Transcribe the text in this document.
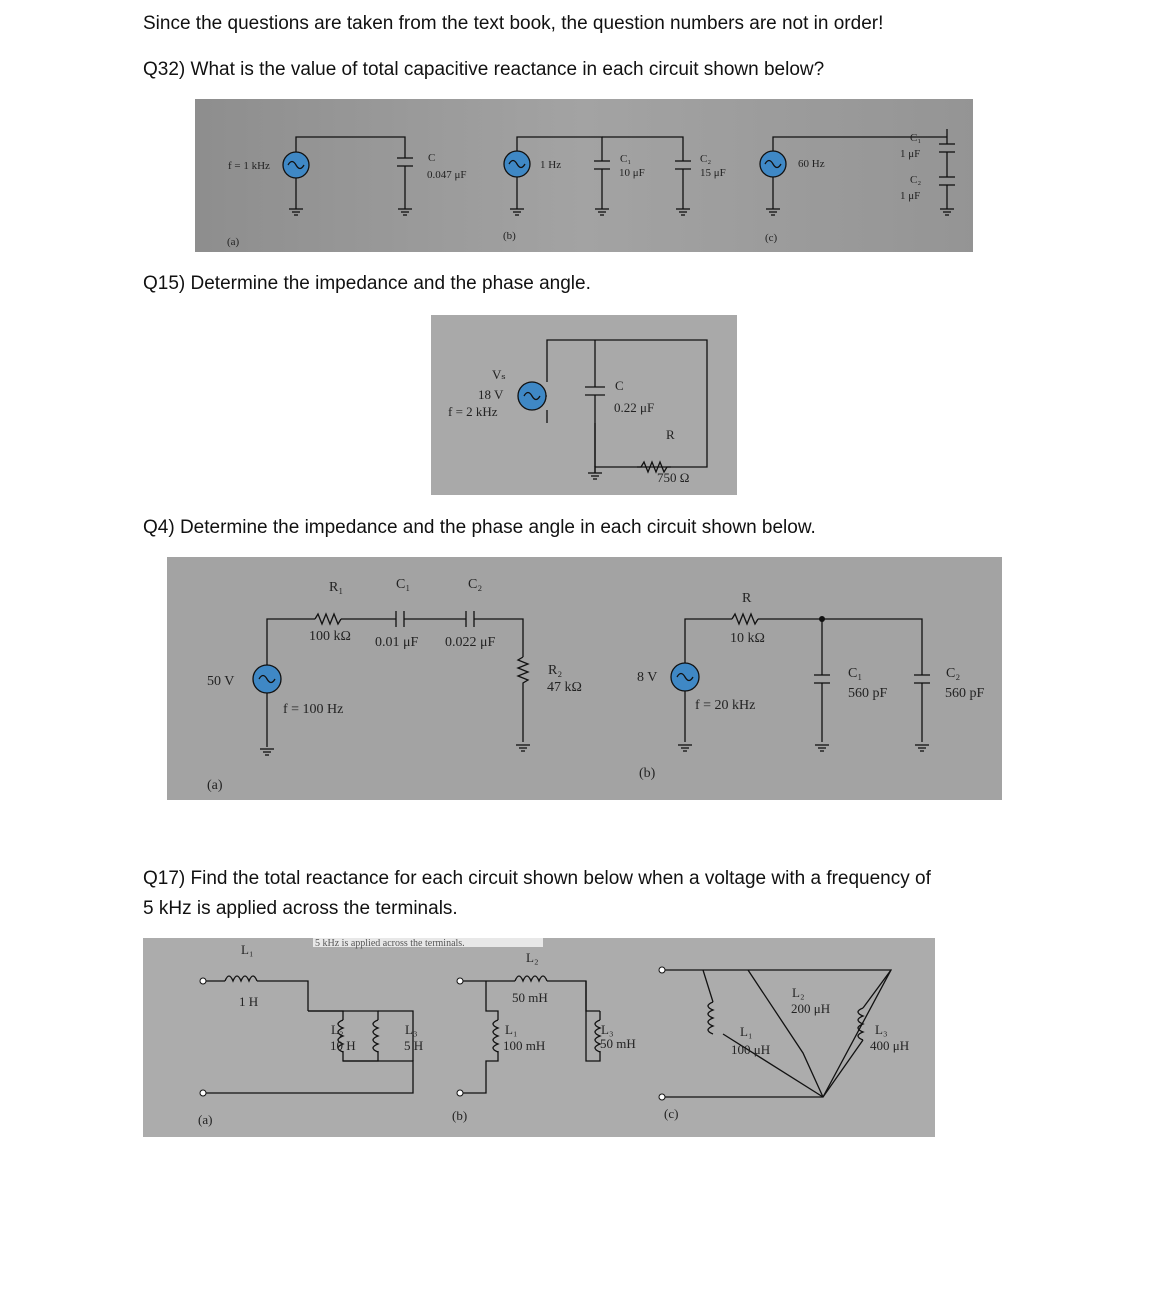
Since the questions are taken from the text book, the question numbers are not in order!
Q32) What is the value of total capacitive reactance in each circuit shown below?
Q15) Determine the impedance and the phase angle.
Q4) Determine the impedance and the phase angle in each circuit shown below.
Q17) Find the total reactance for each circuit shown below when a voltage with a frequency of
5 kHz is applied across the terminals.
f = 1 kHz
C
0.047 μF
(a)
1 Hz	C₁
10 μF
C₂
15 μF
(b)
60 Hz
C₁
1 μF
C₂
1 μF
(c)
Vₛ
18 V
f = 2 kHz
C
0.22 μF
R
750 Ω
50 V
f = 100 Hz
R₁
100 kΩ
C₁
0.01 μF
C₂
0.022 μF
R₂
47 kΩ
(a)
8 V
f = 20 kHz
R
10 kΩ
C₁
560 pF
C₂
560 pF
(b)
5 kHz is applied across the terminals.
L₁
1 H
L₂
10 H
L₃
5 H
(a)
L₂
50 mH
L₁
100 mH
L₃
50 mH
(b)
L₁
100 μH
L₂
200 μH
L₃
400 μH
(c)
